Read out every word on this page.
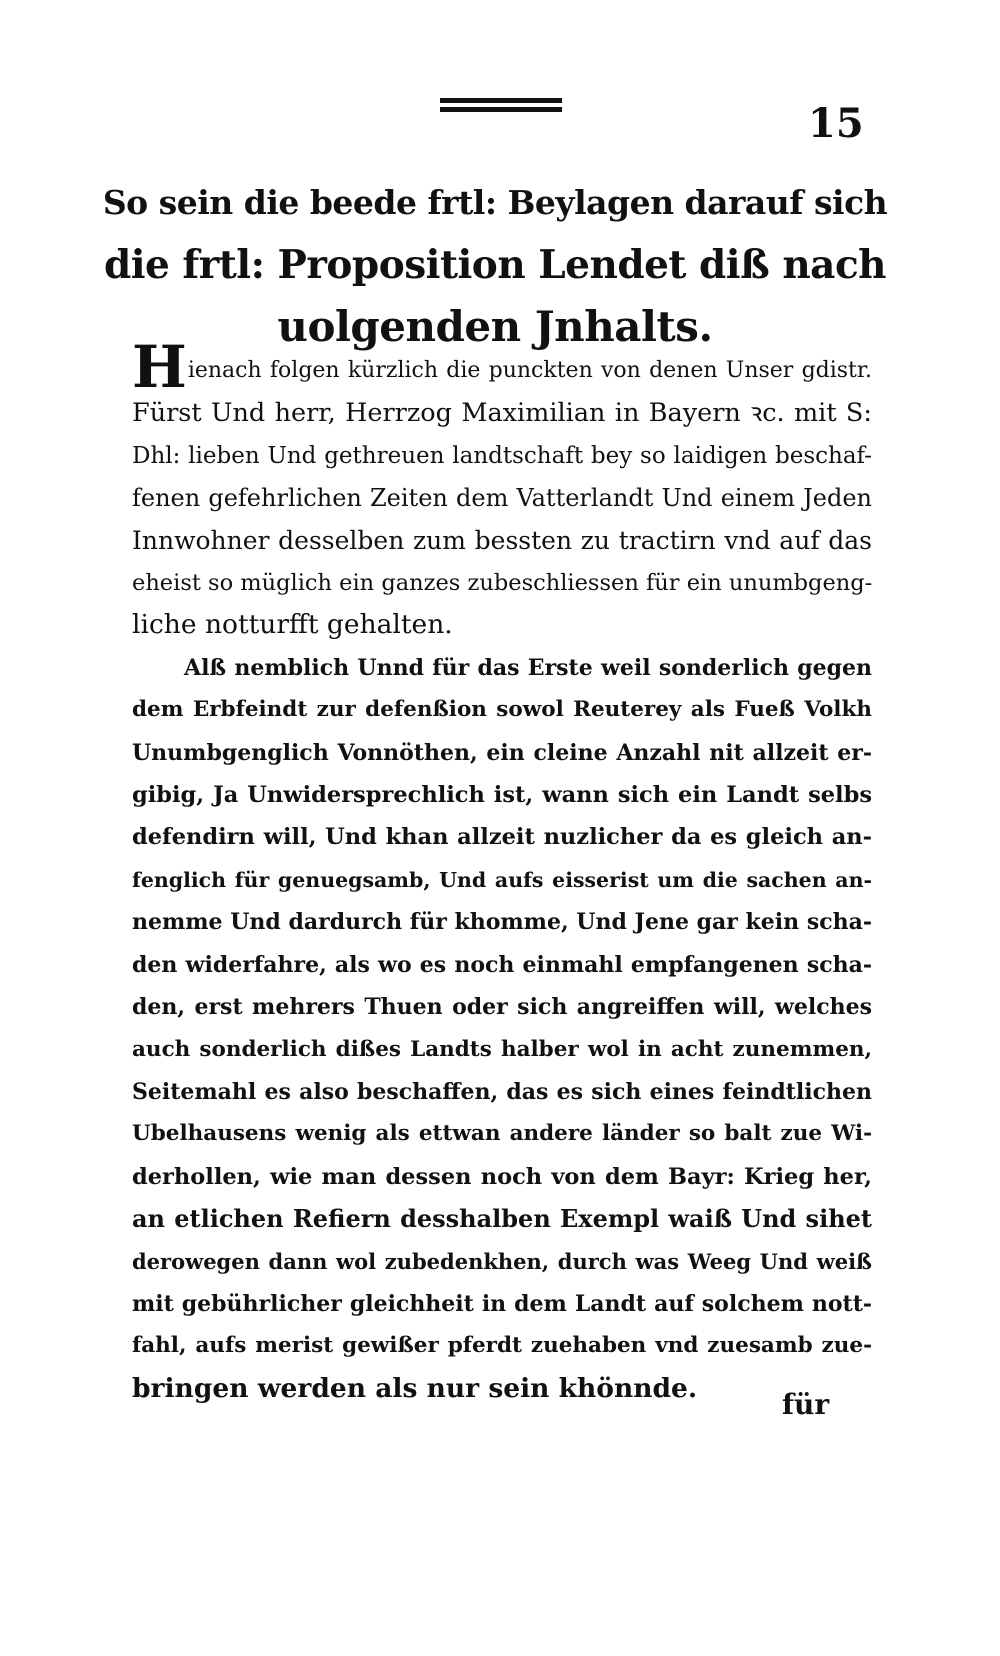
15
So sein die beede frtl: Beylagen darauf sich
die frtl: Proposition Lendet diß nach
uolgenden Jnhalts.
Hienach folgen kürzlich die punckten von denen Unser gdistr.
Fürst Und herr, Herrzog Maximilian in Bayern ꝛc. mit S:
Dhl: lieben Und gethreuen landtschaft bey so laidigen beschaf-
fenen gefehrlichen Zeiten dem Vatterlandt Und einem Jeden
Innwohner desselben zum bessten zu tractirn vnd auf das
eheist so müglich ein ganzes zubeschliessen für ein unumbgeng-
liche notturfft gehalten.
Alß nemblich Unnd für das Erste weil sonderlich gegen
dem Erbfeindt zur defenßion sowol Reuterey als Fueß Volkh
Unumbgenglich Vonnöthen, ein cleine Anzahl nit allzeit er-
gibig, Ja Unwidersprechlich ist, wann sich ein Landt selbs
defendirn will, Und khan allzeit nuzlicher da es gleich an-
fenglich für genuegsamb, Und aufs eisserist um die sachen an-
nemme Und dardurch für khomme, Und Jene gar kein scha-
den widerfahre, als wo es noch einmahl empfangenen scha-
den, erst mehrers Thuen oder sich angreiffen will, welches
auch sonderlich dißes Landts halber wol in acht zunemmen,
Seitemahl es also beschaffen, das es sich eines feindtlichen
Ubelhausens wenig als ettwan andere länder so balt zue Wi-
derhollen, wie man dessen noch von dem Bayr: Krieg her,
an etlichen Refiern desshalben Exempl waiß Und sihet
derowegen dann wol zubedenkhen, durch was Weeg Und weiß
mit gebührlicher gleichheit in dem Landt auf solchem nott-
fahl, aufs merist gewißer pferdt zuehaben vnd zuesamb zue-
bringen werden als nur sein khönnde.	für
